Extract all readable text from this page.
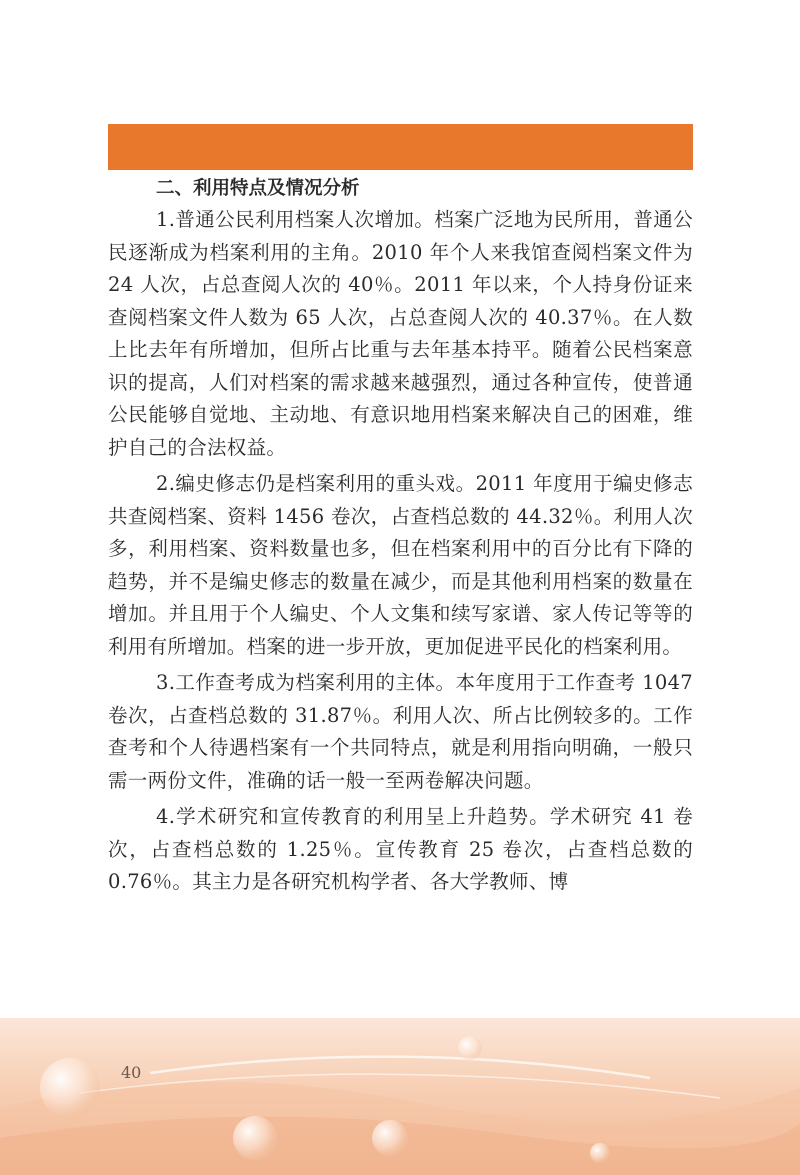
二、利用特点及情况分析

1.普通公民利用档案人次增加。档案广泛地为民所用，普通公民逐渐成为档案利用的主角。2010 年个人来我馆查阅档案文件为 24 人次，占总查阅人次的 40％。2011 年以来，个人持身份证来查阅档案文件人数为 65 人次，占总查阅人次的 40.37％。在人数上比去年有所增加，但所占比重与去年基本持平。随着公民档案意识的提高，人们对档案的需求越来越强烈，通过各种宣传，使普通公民能够自觉地、主动地、有意识地用档案来解决自己的困难，维护自己的合法权益。

2.编史修志仍是档案利用的重头戏。2011 年度用于编史修志共查阅档案、资料 1456 卷次，占查档总数的 44.32％。利用人次多，利用档案、资料数量也多，但在档案利用中的百分比有下降的趋势，并不是编史修志的数量在减少，而是其他利用档案的数量在增加。并且用于个人编史、个人文集和续写家谱、家人传记等等的利用有所增加。档案的进一步开放，更加促进平民化的档案利用。

3.工作查考成为档案利用的主体。本年度用于工作查考 1047 卷次，占查档总数的 31.87％。利用人次、所占比例较多的。工作查考和个人待遇档案有一个共同特点，就是利用指向明确，一般只需一两份文件，准确的话一般一至两卷解决问题。

4.学术研究和宣传教育的利用呈上升趋势。学术研究 41 卷次，占查档总数的 1.25％。宣传教育 25 卷次，占查档总数的 0.76％。其主力是各研究机构学者、各大学教师、博

40
